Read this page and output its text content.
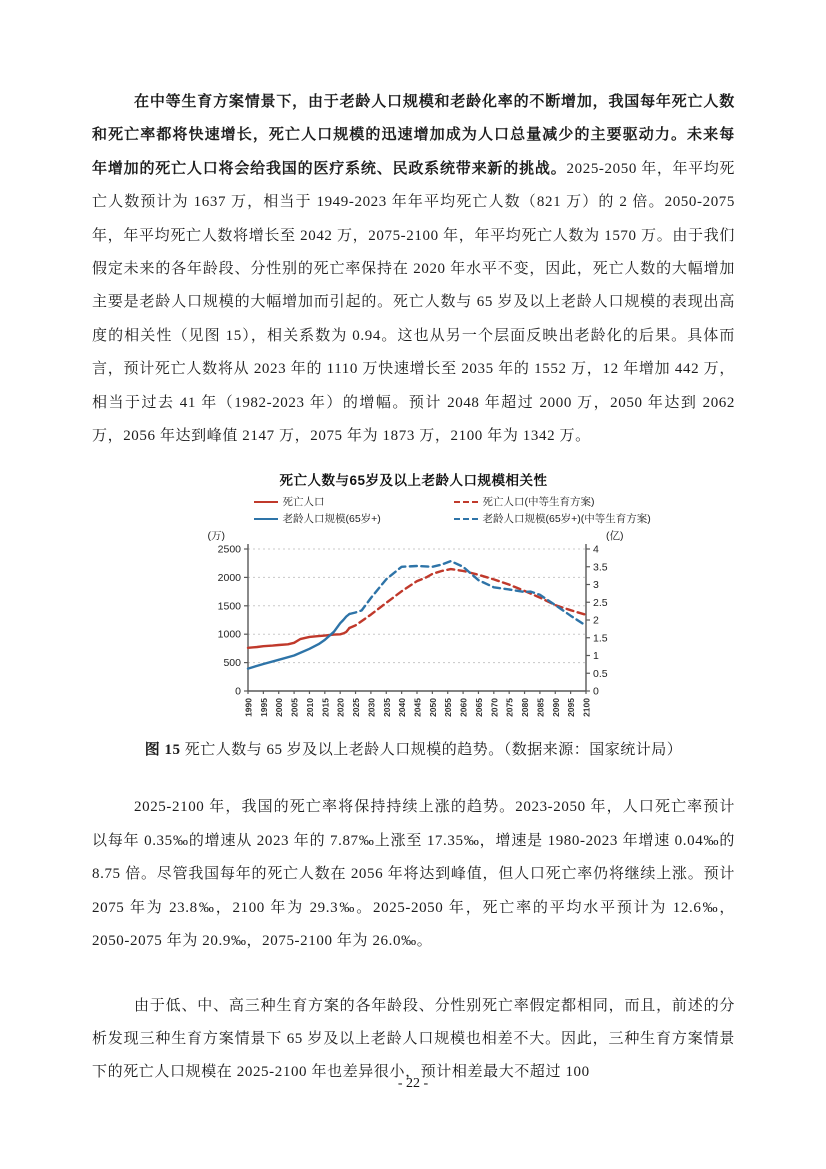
在中等生育方案情景下，由于老龄人口规模和老龄化率的不断增加，我国每年死亡人数和死亡率都将快速增长，死亡人口规模的迅速增加成为人口总量减少的主要驱动力。未来每年增加的死亡人口将会给我国的医疗系统、民政系统带来新的挑战。2025-2050 年，年平均死亡人数预计为 1637 万，相当于 1949-2023 年年平均死亡人数（821 万）的 2 倍。2050-2075 年，年平均死亡人数将增长至 2042 万，2075-2100 年，年平均死亡人数为 1570 万。由于我们假定未来的各年龄段、分性别的死亡率保持在 2020 年水平不变，因此，死亡人数的大幅增加主要是老龄人口规模的大幅增加而引起的。死亡人数与 65 岁及以上老龄人口规模的表现出高度的相关性（见图 15），相关系数为 0.94。这也从另一个层面反映出老龄化的后果。具体而言，预计死亡人数将从 2023 年的 1110 万快速增长至 2035 年的 1552 万，12 年增加 442 万，相当于过去 41 年（1982-2023 年）的增幅。预计 2048 年超过 2000 万，2050 年达到 2062 万，2056 年达到峰值 2147 万，2075 年为 1873 万，2100 年为 1342 万。

死亡人数与65岁及以上老龄人口规模相关性

死亡人口	死亡人口(中等生育方案)
老龄人口规模(65岁+)	老龄人口规模(65岁+)(中等生育方案)
(万)	(亿)
0
500
1000
1500
2000
2500
0
0.5
1
1.5
2
2.5
3
3.5
4
1990 1995 2000 2005 2010 2015 2020 2025 2030 2035 2040 2045 2050 2055 2060 2065 2070 2075 2080 2085 2090 2095 2100

图 15 死亡人数与 65 岁及以上老龄人口规模的趋势。（数据来源：国家统计局）

2025-2100 年，我国的死亡率将保持持续上涨的趋势。2023-2050 年，人口死亡率预计以每年 0.35‰的增速从 2023 年的 7.87‰上涨至 17.35‰，增速是 1980-2023 年增速 0.04‰的 8.75 倍。尽管我国每年的死亡人数在 2056 年将达到峰值，但人口死亡率仍将继续上涨。预计 2075 年为 23.8‰，2100 年为 29.3‰。2025-2050 年，死亡率的平均水平预计为 12.6‰，2050-2075 年为 20.9‰，2075-2100 年为 26.0‰。

由于低、中、高三种生育方案的各年龄段、分性别死亡率假定都相同，而且，前述的分析发现三种生育方案情景下 65 岁及以上老龄人口规模也相差不大。因此，三种生育方案情景下的死亡人口规模在 2025-2100 年也差异很小，预计相差最大不超过 100

- 22 -
